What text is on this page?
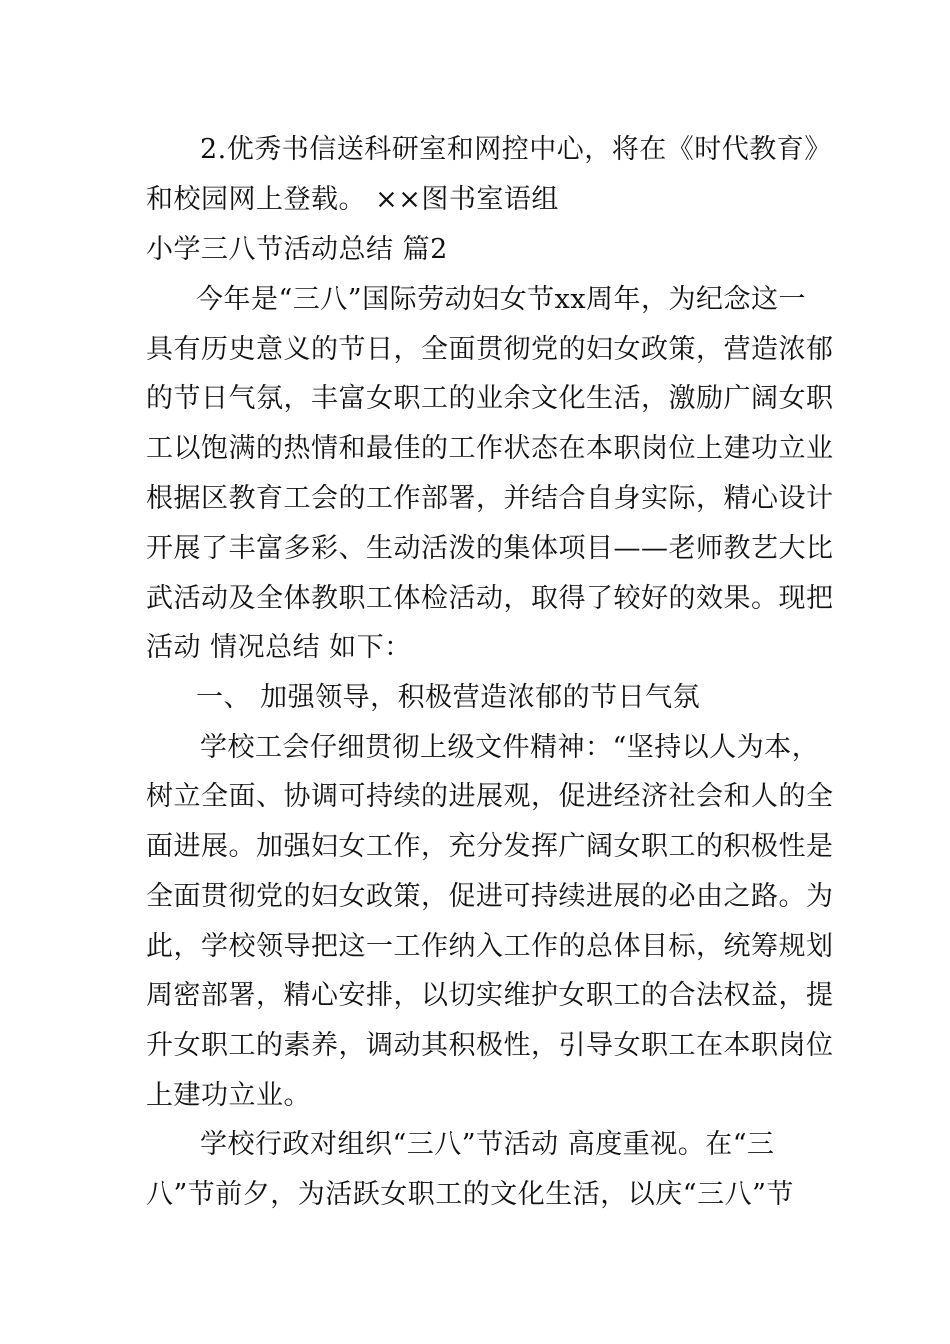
2.优秀书信送科研室和网控中心，将在《时代教育》
和校园网上登载。 ××图书室语组
小学三八节活动总结 篇2
今年是“三八”国际劳动妇女节xx周年，为纪念这一
具有历史意义的节日，全面贯彻党的妇女政策，营造浓郁
的节日气氛，丰富女职工的业余文化生活，激励广阔女职
工以饱满的热情和最佳的工作状态在本职岗位上建功立业
根据区教育工会的工作部署，并结合自身实际，精心设计
开展了丰富多彩、生动活泼的集体项目——老师教艺大比
武活动及全体教职工体检活动，取得了较好的效果。现把
活动 情况总结 如下：
一、 加强领导，积极营造浓郁的节日气氛
学校工会仔细贯彻上级文件精神：“坚持以人为本，
树立全面、协调可持续的进展观，促进经济社会和人的全
面进展。加强妇女工作，充分发挥广阔女职工的积极性是
全面贯彻党的妇女政策，促进可持续进展的必由之路。为
此，学校领导把这一工作纳入工作的总体目标，统筹规划
周密部署，精心安排，以切实维护女职工的合法权益，提
升女职工的素养，调动其积极性，引导女职工在本职岗位
上建功立业。
学校行政对组织“三八”节活动 高度重视。在“三
八”节前夕，为活跃女职工的文化生活，以庆“三八”节
